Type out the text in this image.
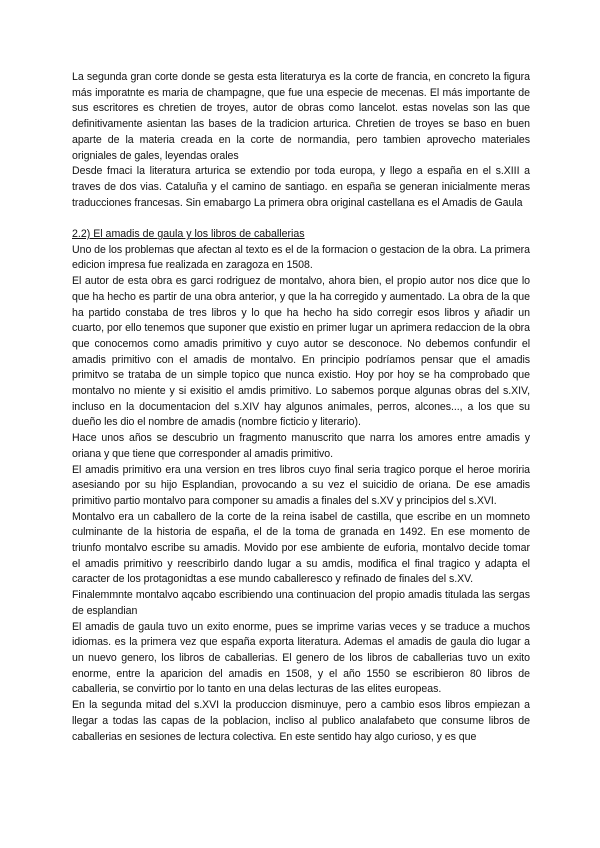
La segunda gran corte donde se gesta esta literaturya es la corte de francia, en concreto la figura más imporatnte es maria de champagne, que fue una especie de mecenas. El más importante de sus escritores es chretien de troyes, autor de obras como lancelot. estas novelas son las que definitivamente asientan las bases de la tradicion arturica. Chretien de troyes se baso en buen aparte de la materia creada en la corte de normandia, pero tambien aprovecho materiales origniales de gales, leyendas orales

Desde fmaci la literatura arturica se extendio por toda europa, y llego a españa en el s.XIII a traves de dos vias. Cataluña y el camino de santiago. en españa se generan inicialmente meras traducciones francesas. Sin emabargo La primera obra original castellana es el Amadis de Gaula

2.2) El amadis de gaula y los libros de caballerias

Uno de los problemas que afectan al texto es el de la formacion o gestacion de la obra. La primera edicion impresa fue realizada en zaragoza en 1508.

El autor de esta obra es garci rodriguez de montalvo, ahora bien, el propio autor nos dice que lo que ha hecho es partir de una obra anterior, y que la ha corregido y aumentado. La obra de la que ha partido constaba de tres libros y lo que ha hecho ha sido corregir esos libros y añadir un cuarto, por ello tenemos que suponer que existio en primer lugar un aprimera redaccion de la obra que conocemos como amadis primitivo y cuyo autor se desconoce. No debemos confundir el amadis primitivo con el amadis de montalvo. En principio podríamos pensar que el amadis primitvo se trataba de un simple topico que nunca existio. Hoy por hoy se ha comprobado que montalvo no miente y si exisitio el amdis primitivo. Lo sabemos porque algunas obras del s.XIV, incluso en la documentacion del s.XIV hay algunos animales, perros, alcones..., a los que su dueño les dio el nombre de amadis (nombre ficticio y literario).

Hace unos años se descubrio un fragmento manuscrito que narra los amores entre amadis y oriana y que tiene que corresponder al amadis primitivo.

El amadis primitivo era una version en tres libros cuyo final seria tragico porque el heroe moriria asesiando por su hijo Esplandian, provocando a su vez el suicidio de oriana. De ese amadis primitivo partio montalvo para componer su amadis a finales del s.XV y principios del s.XVI.

Montalvo era un caballero de la corte de la reina isabel de castilla, que escribe en un momneto culminante de la historia de españa, el de la toma de granada en 1492. En ese momento de triunfo montalvo escribe su amadis. Movido por ese ambiente de euforia, montalvo decide tomar el amadis primitivo y reescribirlo dando lugar a su amdis, modifica el final tragico y adapta el caracter de los protagonidtas a ese mundo caballeresco y refinado de finales del s.XV.

Finalemmnte montalvo aqcabo escribiendo una continuacion del propio amadis titulada las sergas de esplandian

El amadis de gaula tuvo un exito enorme, pues se imprime varias veces y se traduce a muchos idiomas. es la primera vez que españa exporta literatura. Ademas el amadis de gaula dio lugar a un nuevo genero, los libros de caballerias. El genero de los libros de caballerias tuvo un exito enorme, entre la aparicion del amadis en 1508, y el año 1550 se escribieron 80 libros de caballeria, se convirtio por lo tanto en una delas lecturas de las elites europeas.

En la segunda mitad del s.XVI la produccion disminuye, pero a cambio esos libros empiezan a llegar a todas las capas de la poblacion, incliso al publico analafabeto que consume libros de caballerias en sesiones de lectura colectiva. En este sentido hay algo curioso, y es que
